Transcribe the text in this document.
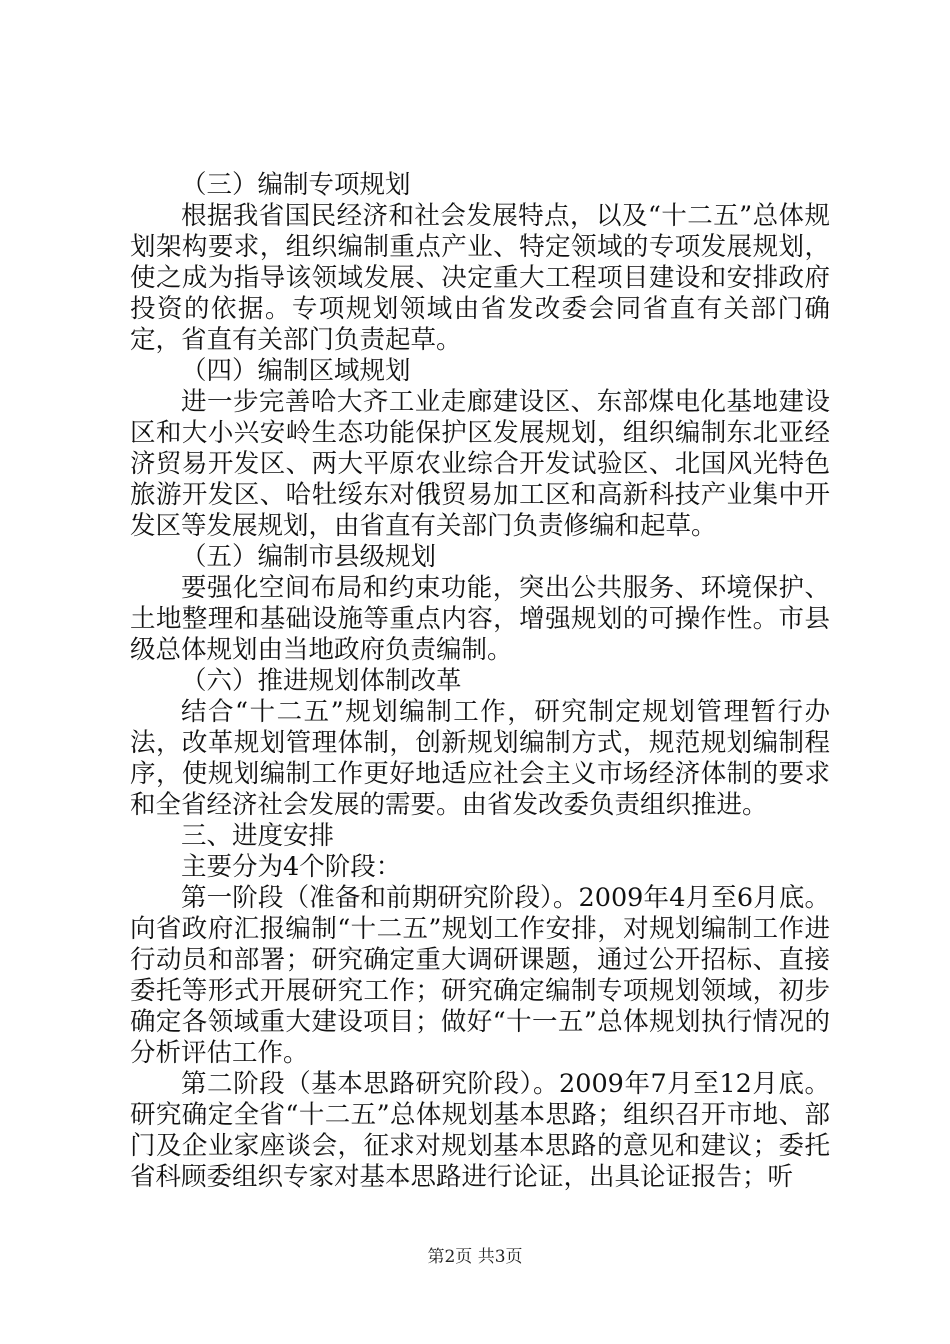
（三）编制专项规划

根据我省国民经济和社会发展特点，以及“十二五”总体规划架构要求，组织编制重点产业、特定领域的专项发展规划，使之成为指导该领域发展、决定重大工程项目建设和安排政府投资的依据。专项规划领域由省发改委会同省直有关部门确定，省直有关部门负责起草。

（四）编制区域规划

进一步完善哈大齐工业走廊建设区、东部煤电化基地建设区和大小兴安岭生态功能保护区发展规划，组织编制东北亚经济贸易开发区、两大平原农业综合开发试验区、北国风光特色旅游开发区、哈牡绥东对俄贸易加工区和高新科技产业集中开发区等发展规划，由省直有关部门负责修编和起草。

（五）编制市县级规划

要强化空间布局和约束功能，突出公共服务、环境保护、土地整理和基础设施等重点内容，增强规划的可操作性。市县级总体规划由当地政府负责编制。

（六）推进规划体制改革

结合“十二五”规划编制工作，研究制定规划管理暂行办法，改革规划管理体制，创新规划编制方式，规范规划编制程序，使规划编制工作更好地适应社会主义市场经济体制的要求和全省经济社会发展的需要。由省发改委负责组织推进。

三、进度安排

主要分为4个阶段：

第一阶段（准备和前期研究阶段）。2009年4月至6月底。向省政府汇报编制“十二五”规划工作安排，对规划编制工作进行动员和部署；研究确定重大调研课题，通过公开招标、直接委托等形式开展研究工作；研究确定编制专项规划领域，初步确定各领域重大建设项目；做好“十一五”总体规划执行情况的分析评估工作。

第二阶段（基本思路研究阶段）。2009年7月至12月底。研究确定全省“十二五”总体规划基本思路；组织召开市地、部门及企业家座谈会，征求对规划基本思路的意见和建议；委托省科顾委组织专家对基本思路进行论证，出具论证报告；听

第2页 共3页
